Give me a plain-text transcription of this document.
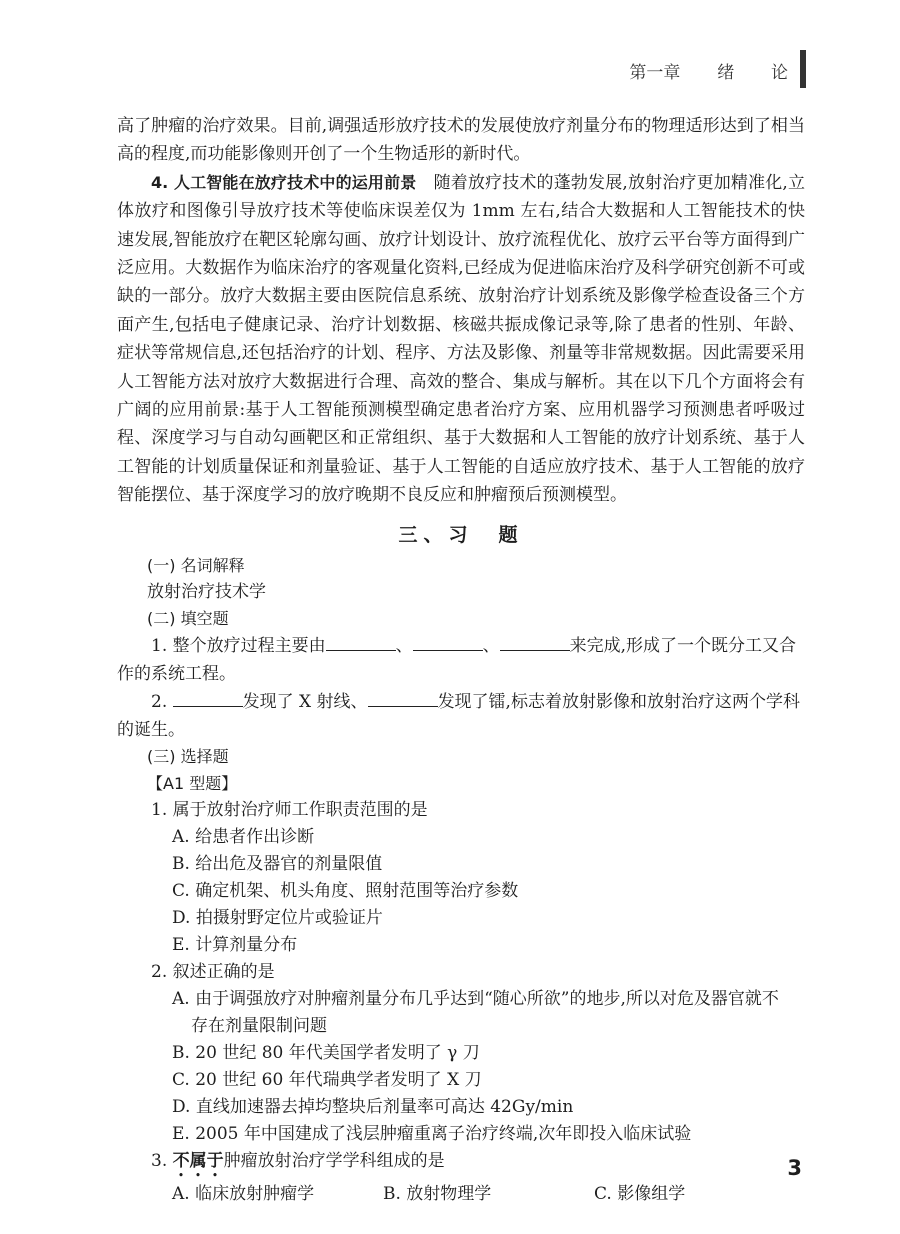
第一章 绪 论

高了肿瘤的治疗效果。目前,调强适形放疗技术的发展使放疗剂量分布的物理适形达到了相当高的程度,而功能影像则开创了一个生物适形的新时代。

4. 人工智能在放疗技术中的运用前景　 随着放疗技术的蓬勃发展,放射治疗更加精准化,立体放疗和图像引导放疗技术等使临床误差仅为 1mm 左右,结合大数据和人工智能技术的快速发展,智能放疗在靶区轮廓勾画、放疗计划设计、放疗流程优化、放疗云平台等方面得到广泛应用。大数据作为临床治疗的客观量化资料,已经成为促进临床治疗及科学研究创新不可或缺的一部分。放疗大数据主要由医院信息系统、放射治疗计划系统及影像学检查设备三个方面产生,包括电子健康记录、治疗计划数据、核磁共振成像记录等,除了患者的性别、年龄、症状等常规信息,还包括治疗的计划、程序、方法及影像、剂量等非常规数据。因此需要采用人工智能方法对放疗大数据进行合理、高效的整合、集成与解析。其在以下几个方面将会有广阔的应用前景:基于人工智能预测模型确定患者治疗方案、应用机器学习预测患者呼吸过程、深度学习与自动勾画靶区和正常组织、基于大数据和人工智能的放疗计划系统、基于人工智能的计划质量保证和剂量验证、基于人工智能的自适应放疗技术、基于人工智能的放疗智能摆位、基于深度学习的放疗晚期不良反应和肿瘤预后预测模型。

三、习　题
(一) 名词解释
放射治疗技术学
(二) 填空题
1. 整个放疗过程主要由	、	、	来完成,形成了一个既分工又合作的系统工程。
2.	发现了 X 射线、	发现了镭,标志着放射影像和放射治疗这两个学科的诞生。
(三) 选择题
【A1 型题】
1. 属于放射治疗师工作职责范围的是
A. 给患者作出诊断
B. 给出危及器官的剂量限值
C. 确定机架、机头角度、照射范围等治疗参数
D. 拍摄射野定位片或验证片
E. 计算剂量分布
2. 叙述正确的是
A. 由于调强放疗对肿瘤剂量分布几乎达到“随心所欲”的地步,所以对危及器官就不
存在剂量限制问题
B. 20 世纪 80 年代美国学者发明了 γ 刀
C. 20 世纪 60 年代瑞典学者发明了 X 刀
D. 直线加速器去掉均整块后剂量率可高达 42Gy/min
E. 2005 年中国建成了浅层肿瘤重离子治疗终端,次年即投入临床试验
3. 不属于肿瘤放射治疗学学科组成的是
A. 临床放射肿瘤学	B. 放射物理学	C. 影像组学
3
